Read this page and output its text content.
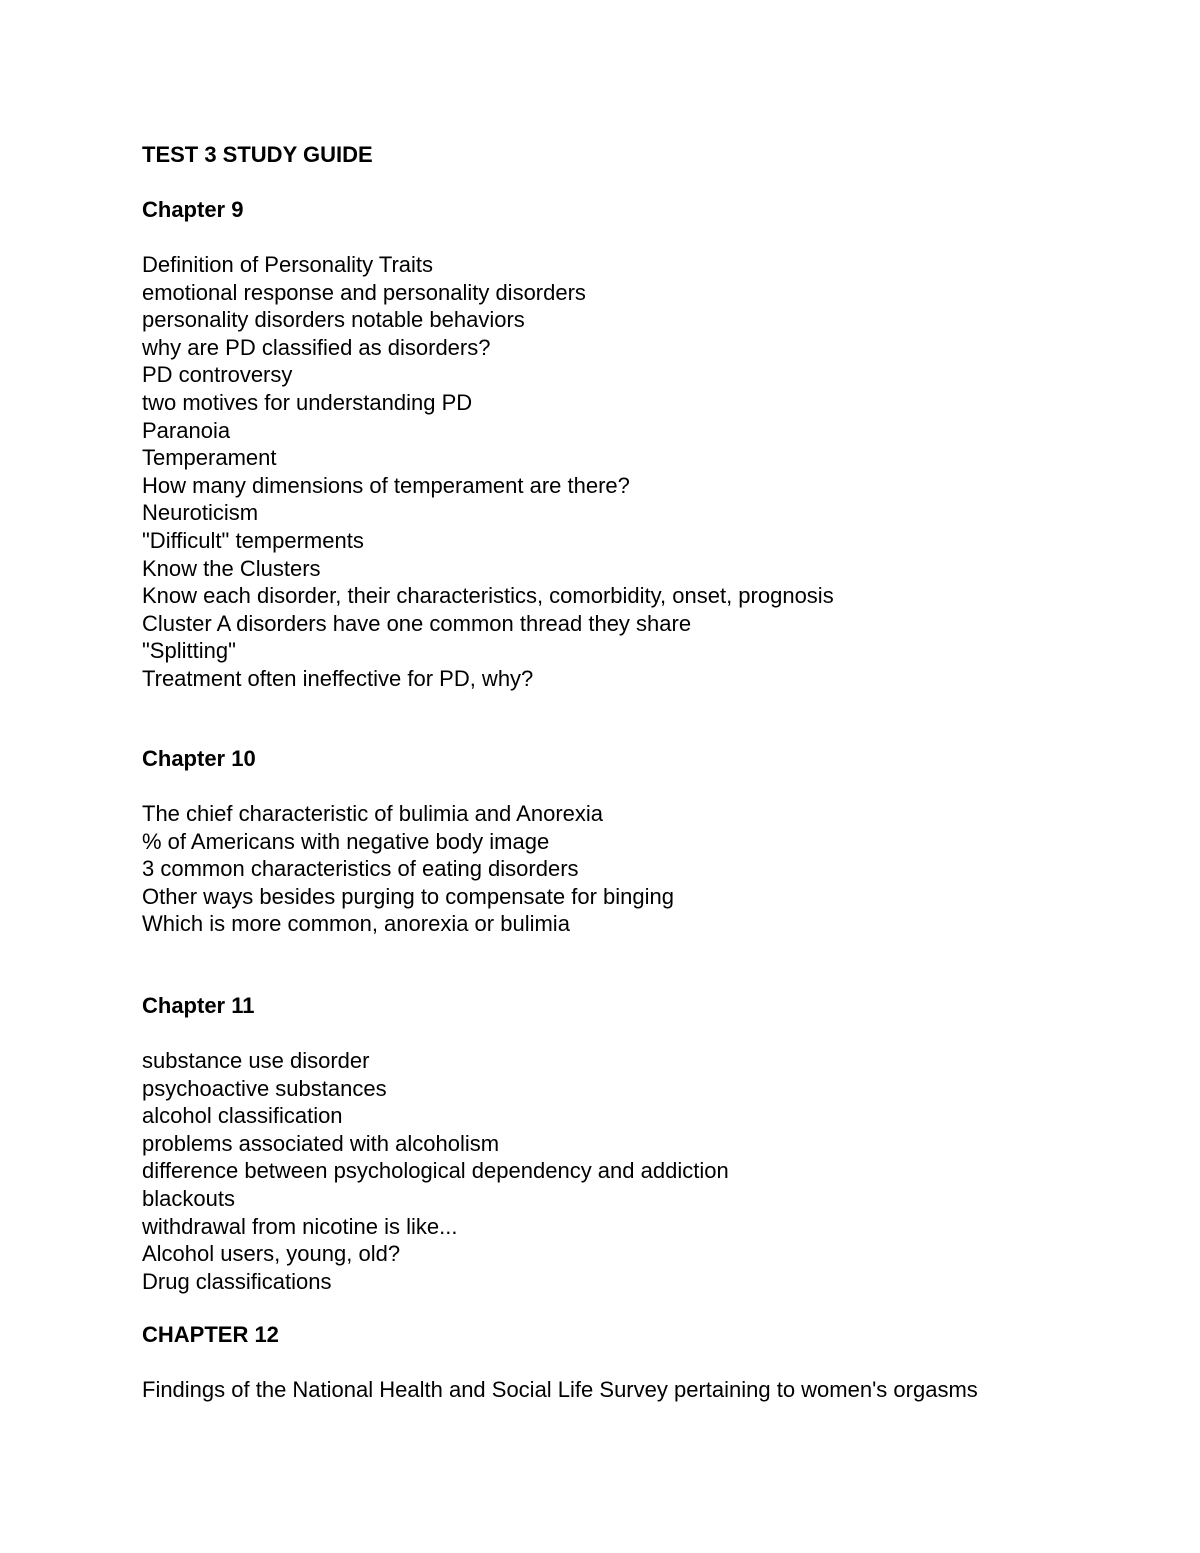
TEST 3 STUDY GUIDE
Chapter 9
Definition of Personality Traits
emotional response and personality disorders
personality disorders notable behaviors
why are PD classified as disorders?
PD controversy
two motives for understanding PD
Paranoia
Temperament
How many dimensions of temperament are there?
Neuroticism
"Difficult" temperments
Know the Clusters
Know each disorder, their characteristics, comorbidity, onset, prognosis
Cluster A disorders have one common thread they share
"Splitting"
Treatment often ineffective for PD, why?
Chapter 10
The chief characteristic of bulimia and Anorexia
% of Americans with negative body image
3 common characteristics of eating disorders
Other ways besides purging to compensate for binging
Which is more common, anorexia or bulimia
Chapter 11
substance use disorder
psychoactive substances
alcohol classification
problems associated with alcoholism
difference between psychological dependency and addiction
blackouts
withdrawal from nicotine is like...
Alcohol users, young, old?
Drug classifications
CHAPTER 12
Findings of the National Health and Social Life Survey pertaining to women's orgasms
